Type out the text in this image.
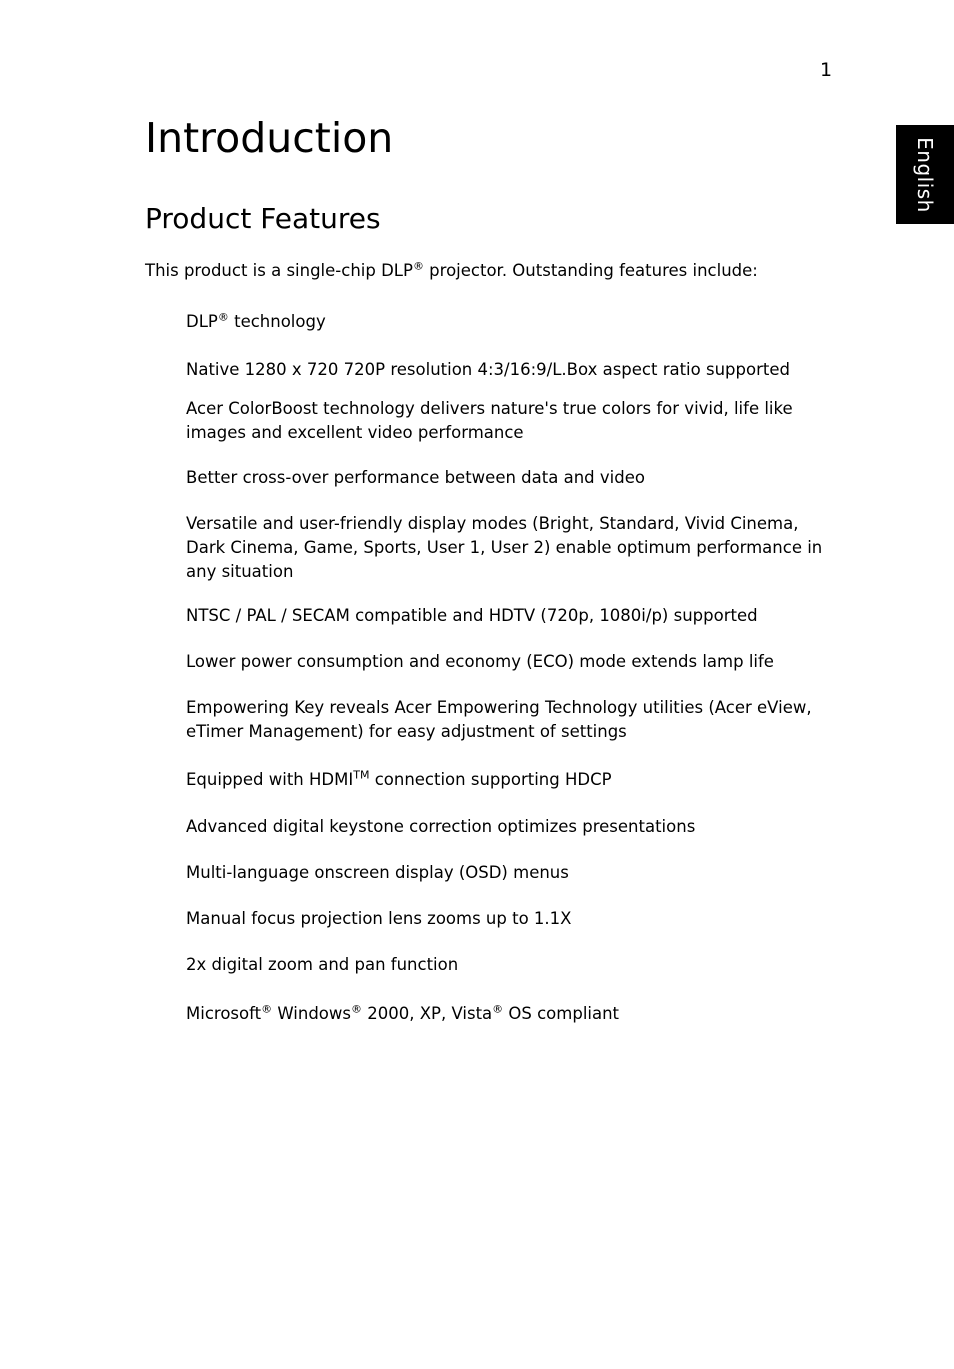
1
English
Introduction
Product Features

This product is a single-chip DLP® projector. Outstanding features include:

DLP® technology
Native 1280 x 720 720P resolution 4:3/16:9/L.Box aspect ratio supported
Acer ColorBoost technology delivers nature's true colors for vivid, life like images and excellent video performance
Better cross-over performance between data and video
Versatile and user-friendly display modes (Bright, Standard, Vivid Cinema, Dark Cinema, Game, Sports, User 1, User 2) enable optimum performance in any situation
NTSC / PAL / SECAM compatible and HDTV (720p, 1080i/p) supported
Lower power consumption and economy (ECO) mode extends lamp life
Empowering Key reveals Acer Empowering Technology utilities (Acer eView, eTimer Management) for easy adjustment of settings
Equipped with HDMI™ connection supporting HDCP
Advanced digital keystone correction optimizes presentations
Multi-language onscreen display (OSD) menus
Manual focus projection lens zooms up to 1.1X
2x digital zoom and pan function
Microsoft® Windows® 2000, XP, Vista® OS compliant
